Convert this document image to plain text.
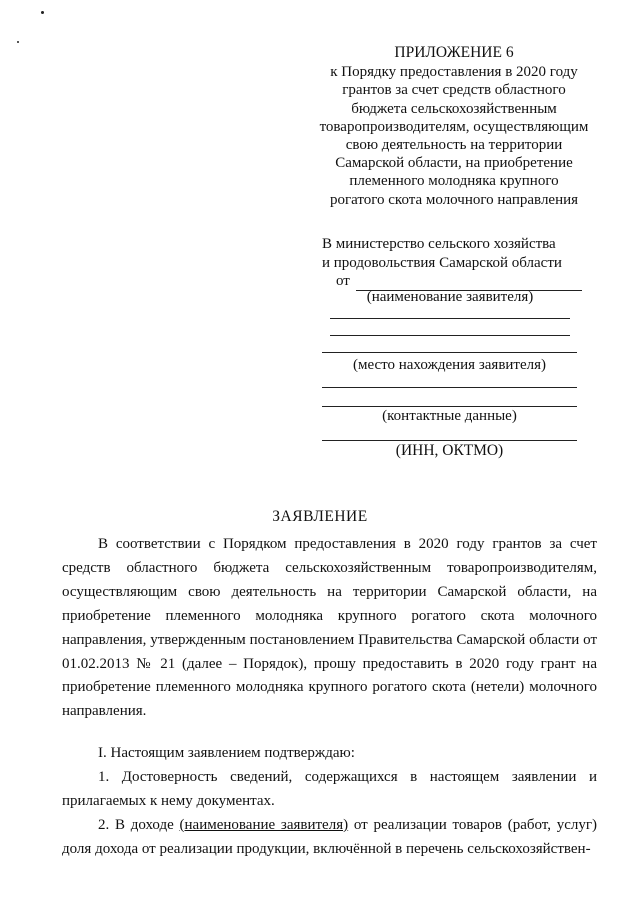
ПРИЛОЖЕНИЕ 6
к Порядку предоставления в 2020 году
грантов за счет средств областного
бюджета сельскохозяйственным
товаропроизводителям, осуществляющим
свою деятельность на территории
Самарской области, на приобретение
племенного молодняка крупного
рогатого скота молочного направления
В министерство сельского хозяйства
и продовольствия Самарской области
от
(наименование заявителя)
(место нахождения заявителя)
(контактные данные)
(ИНН, ОКТМО)
ЗАЯВЛЕНИЕ

В соответствии с Порядком предоставления в 2020 году грантов за счет средств областного бюджета сельскохозяйственным товаропроизводителям, осуществляющим свою деятельность на территории Самарской области, на приобретение племенного молодняка крупного рогатого скота молочного направления, утвержденным постановлением Правительства Самарской области от 01.02.2013 № 21 (далее – Порядок), прошу предоставить в 2020 году грант на приобретение племенного молодняка крупного рогатого скота (нетели) молочного направления.

I. Настоящим заявлением подтверждаю:

1. Достоверность сведений, содержащихся в настоящем заявлении и прилагаемых к нему документах.

2. В доходе (наименование заявителя) от реализации товаров (работ, услуг) доля дохода от реализации продукции, включённой в перечень сельскохозяйствен-
